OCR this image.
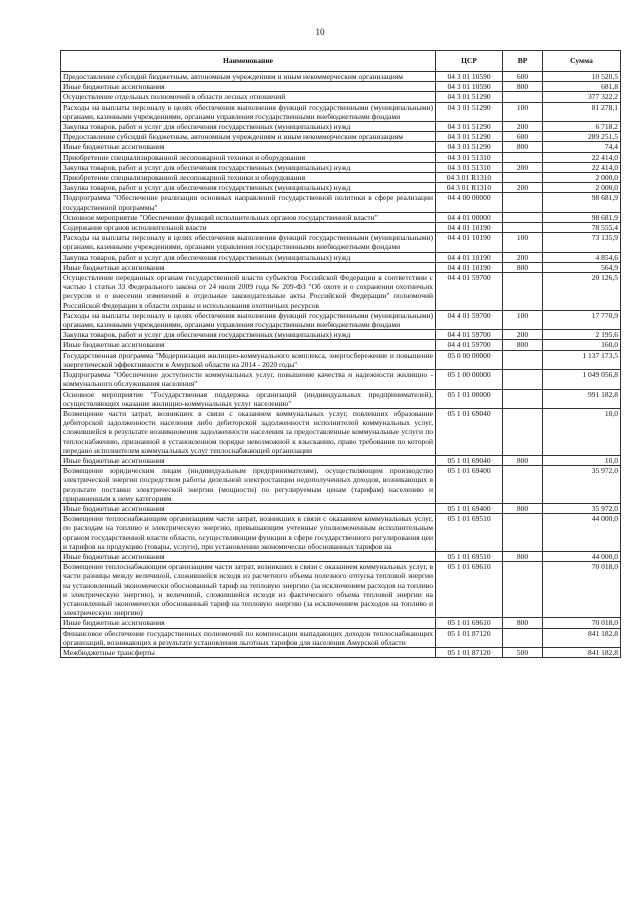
10
Наименование	ЦСР	ВР	Сумма
Предоставление субсидий бюджетным, автономным учреждениям и иным некоммерческим организациям	04 3 01 10590	600	10 520,5
Иные бюджетные ассигнования	04 3 01 10590	800	681,8
Осуществление отдельных полномочий в области лесных отношений	04 3 01 51290		377 322,2
Расходы на выплаты персоналу в целях обеспечения выполнения функций государственными (муниципальными) органами, казенными учреждениями, органами управления государственными внебюджетными фондами	04 3 01 51290	100	81 278,1
Закупка товаров, работ и услуг для обеспечения государственных (муниципальных) нужд	04 3 01 51290	200	6 718,2
Предоставление субсидий бюджетным, автономным учреждениям и иным некоммерческим организациям	04 3 01 51290	600	289 251,5
Иные бюджетные ассигнования	04 3 01 51290	800	74,4
Приобретение специализированной лесопожарной техники и оборудования	04 3 01 51310		22 414,0
Закупка товаров, работ и услуг для обеспечения государственных (муниципальных) нужд	04 3 01 51310	200	22 414,0
Приобретение специализированной лесопожарной техники и оборудования	04 3 01 R1310		2 000,0
Закупка товаров, работ и услуг для обеспечения государственных (муниципальных) нужд	04 3 01 R1310	200	2 000,0
Подпрограмма "Обеспечение реализации основных направлений государственной политики в сфере реализации государственной программы"	04 4 00 00000		98 681,9
Основное мероприятие "Обеспечение функций исполнительных органов государственной власти"	04 4 01 00000		98 681,9
Содержание органов исполнительной власти	04 4 01 10190		78 555,4
Расходы на выплаты персоналу в целях обеспечения выполнения функций государственными (муниципальными) органами, казенными учреждениями, органами управления государственными внебюджетными фондами	04 4 01 10190	100	73 135,9
Закупка товаров, работ и услуг для обеспечения государственных (муниципальных) нужд	04 4 01 10190	200	4 854,6
Иные бюджетные ассигнования	04 4 01 10190	800	564,9
Осуществление переданных органам государственной власти субъектов Российской Федерации в соответствии с частью 1 статьи 33 Федерального закона от 24 июля 2009 года № 209-ФЗ "Об охоте и о сохранении охотничьих ресурсов и о внесении изменений в отдельные законодательные акты Российской Федерации" полномочий Российской Федерации в области охраны и использования охотничьих ресурсов	04 4 01 59700		20 126,5
Расходы на выплаты персоналу в целях обеспечения выполнения функций государственными (муниципальными) органами, казенными учреждениями, органами управления государственными внебюджетными фондами	04 4 01 59700	100	17 770,9
Закупка товаров, работ и услуг для обеспечения государственных (муниципальных) нужд	04 4 01 59700	200	2 195,6
Иные бюджетные ассигнования	04 4 01 59700	800	160,0
Государственная программа "Модернизация жилищно-коммунального комплекса, энергосбережение и повышение энергетической эффективности в Амурской области на 2014 - 2020 годы"	05 0 00 00000		1 137 173,5
Подпрограмма "Обеспечение доступности коммунальных услуг, повышение качества и надежности жилищно - коммунального обслуживания населения"	05 1 00 00000		1 049 056,8
Основное мероприятие "Государственная поддержка организаций (индивидуальных предпринимателей), осуществляющих оказание жилищно-коммунальных услуг населению"	05 1 01 00000		991 182,8
Возмещение части затрат, возникших в связи с оказанием коммунальных услуг, повлекших образование дебиторской задолженности населения либо дебиторской задолженности исполнителей коммунальных услуг, сложившейся в результате возникновения задолженности населения за предоставленные коммунальные услуги по теплоснабжению, признанной в установленном порядке невозможной к взысканию, право требования по которой передано исполнителем коммунальных услуг теплоснабжающей организации	05 1 01 69040		10,0
Иные бюджетные ассигнования	05 1 01 69040	800	10,0
Возмещение юридическим лицам (индивидуальным предпринимателям), осуществляющим производство электрической энергии посредством работы дизельной электростанции недополученных доходов, возникающих в результате поставки электрической энергии (мощности) по регулируемым ценам (тарифам) населению и приравненным к нему категориям	05 1 01 69400		35 972,0
Иные бюджетные ассигнования	05 1 01 69400	800	35 972,0
Возмещение теплоснабжающим организациям части затрат, возникших в связи с оказанием коммунальных услуг, по расходам на топливо и электрическую энергию, превышающим учтенные уполномоченным исполнительным органом государственной власти области, осуществляющим функции в сфере государственного регулирования цен и тарифов на продукцию (товары, услуги), при установлении экономически обоснованных тарифов на	05 1 01 69510		44 000,0
Иные бюджетные ассигнования	05 1 01 69510	800	44 000,0
Возмещение теплоснабжающим организациям части затрат, возникших в связи с оказанием коммунальных услуг, в части разницы между величиной, сложившейся исходя из расчетного объема полезного отпуска тепловой энергии на установленный экономически обоснованный тариф на тепловую энергию (за исключением расходов на топливо и электрическую энергию), и величиной, сложившейся исходя из фактического объема тепловой энергии на установленный экономически обоснованный тариф на тепловую энергию (за исключением расходов на топливо и электрическую энергию)	05 1 01 69610		70 018,0
Иные бюджетные ассигнования	05 1 01 69610	800	70 018,0
Финансовое обеспечение государственных полномочий по компенсации выпадающих доходов теплоснабжающих организаций, возникающих в результате установления льготных тарифов для населения Амурской области	05 1 01 87120		841 182,8
Межбюджетные трансферты	05 1 01 87120	500	841 182,8
